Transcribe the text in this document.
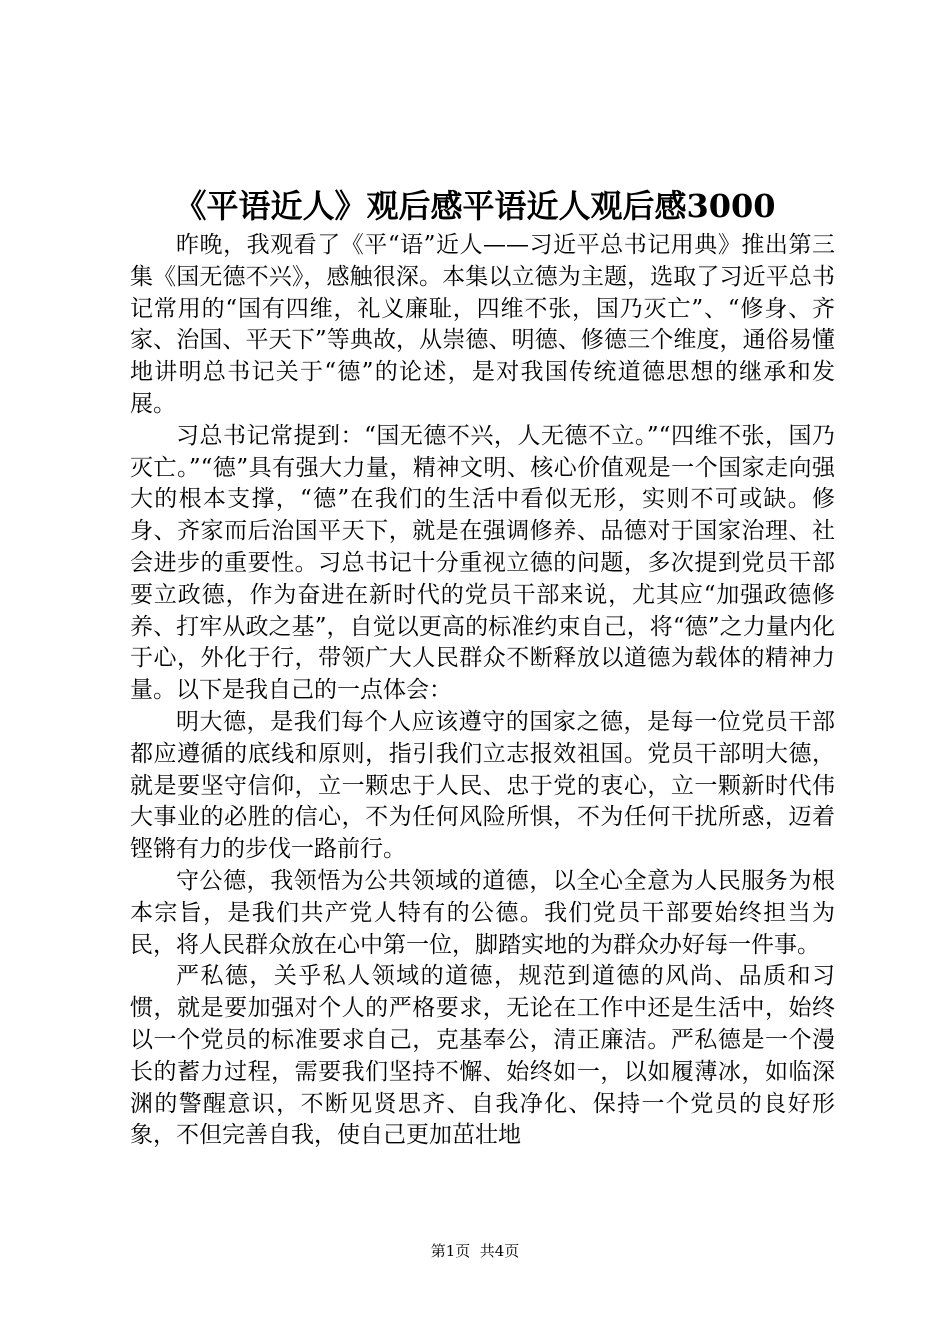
《平语近人》观后感平语近人观后感3000

昨晚，我观看了《平“语”近人——习近平总书记用典》推出第三集《国无德不兴》，感触很深。本集以立德为主题，选取了习近平总书记常用的“国有四维，礼义廉耻，四维不张，国乃灭亡”、“修身、齐家、治国、平天下”等典故，从崇德、明德、修德三个维度，通俗易懂地讲明总书记关于“德”的论述，是对我国传统道德思想的继承和发展。

习总书记常提到：“国无德不兴，人无德不立。”“四维不张，国乃灭亡。”“德”具有强大力量，精神文明、核心价值观是一个国家走向强大的根本支撑，“德”在我们的生活中看似无形，实则不可或缺。修身、齐家而后治国平天下，就是在强调修养、品德对于国家治理、社会进步的重要性。习总书记十分重视立德的问题，多次提到党员干部要立政德，作为奋进在新时代的党员干部来说，尤其应“加强政德修养、打牢从政之基”，自觉以更高的标准约束自己，将“德”之力量内化于心，外化于行，带领广大人民群众不断释放以道德为载体的精神力量。以下是我自己的一点体会：

明大德，是我们每个人应该遵守的国家之德，是每一位党员干部都应遵循的底线和原则，指引我们立志报效祖国。党员干部明大德，就是要坚守信仰，立一颗忠于人民、忠于党的衷心，立一颗新时代伟大事业的必胜的信心，不为任何风险所惧，不为任何干扰所惑，迈着铿锵有力的步伐一路前行。

守公德，我领悟为公共领域的道德，以全心全意为人民服务为根本宗旨，是我们共产党人特有的公德。我们党员干部要始终担当为民，将人民群众放在心中第一位，脚踏实地的为群众办好每一件事。

严私德，关乎私人领域的道德，规范到道德的风尚、品质和习惯，就是要加强对个人的严格要求，无论在工作中还是生活中，始终以一个党员的标准要求自己，克基奉公，清正廉洁。严私德是一个漫长的蓄力过程，需要我们坚持不懈、始终如一，以如履薄冰，如临深渊的警醒意识，不断见贤思齐、自我净化、保持一个党员的良好形象，不但完善自我，使自己更加茁壮地

第1页  共4页
